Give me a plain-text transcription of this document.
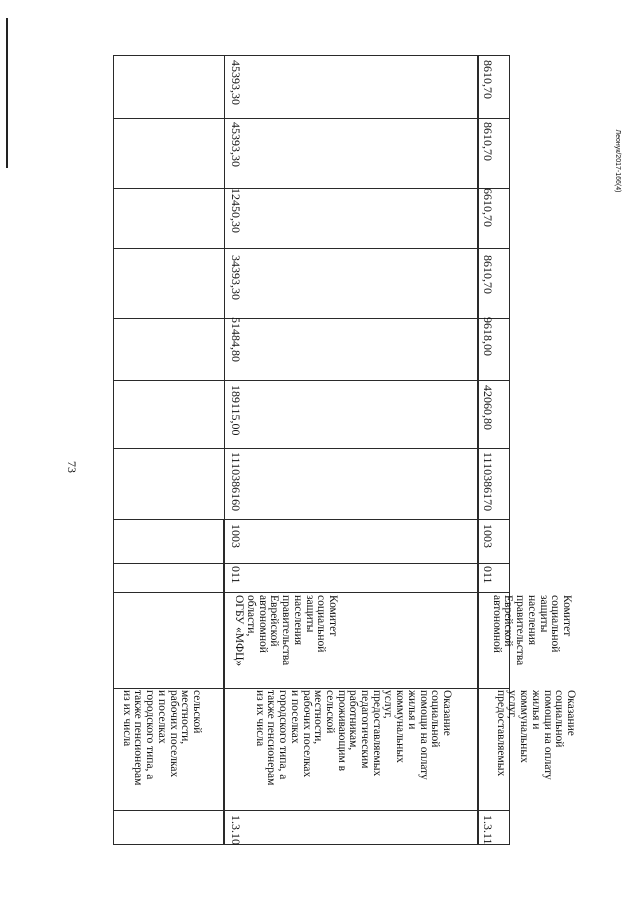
73
Леонук/2017-166(4)
сельской
местности,
рабочих поселках
и поселках
городского типа, а
также пенсионерам
из их числа
1.3.10
Оказание
социальной
помощи на оплату
жилья и
коммунальных
услуг,
предоставляемых
педагогическим
работникам,
проживающим в
сельской
местности,
рабочих поселках
и поселках
городского типа, а
также пенсионерам
из их числа
Комитет
социальной
защиты
населения
правительства
Еврейской
автономной
области,
ОГБУ «МФЦ»
011
1003
1110386160
189115,00
51484,80
34393,30
12450,30
45393,30
45393,30
1.3.11
Оказание
социальной
помощи на оплату
жилья и
коммунальных
услуг,
предоставляемых
Комитет
социальной
защиты
населения
правительства
Еврейской
автономной
011
1003
1110386170
42060,80
9618,00
8610,70
6610,70
8610,70
8610,70
